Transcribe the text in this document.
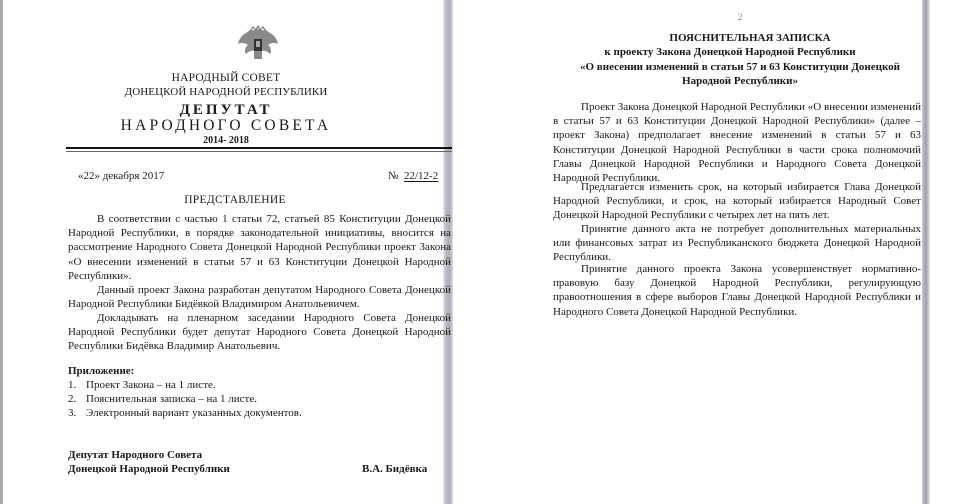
НАРОДНЫЙ СОВЕТ
ДОНЕЦКОЙ НАРОДНОЙ РЕСПУБЛИКИ
ДЕПУТАТ
НАРОДНОГО СОВЕТА
2014- 2018
«22» декабря 2017	№ 22/12-2
ПРЕДСТАВЛЕНИЕ
В соответствии с частью 1 статьи 72, статьей 85 Конституции Донецкой Народной Республики, в порядке законодательной инициативы, вносится на рассмотрение Народного Совета Донецкой Народной Республики проект Закона «О внесении изменений в статьи 57 и 63 Конституции Донецкой Народной Республики».
Данный проект Закона разработан депутатом Народного Совета Донецкой Народной Республики Бидёвкой Владимиром Анатольевичем.
Докладывать на пленарном заседании Народного Совета Донецкой Народной Республики будет депутат Народного Совета Донецкой Народной Республики Бидёвка Владимир Анатольевич.
Приложение:
1. Проект Закона – на 1 листе.
2. Пояснительная записка – на 1 листе.
3. Электронный вариант указанных документов.
Депутат Народного Совета
Донецкой Народной Республики	В.А. Бидёвка
2
ПОЯСНИТЕЛЬНАЯ ЗАПИСКА
к проекту Закона Донецкой Народной Республики
«О внесении изменений в статьи 57 и 63 Конституции Донецкой
Народной Республики»
Проект Закона Донецкой Народной Республики «О внесении изменений в статьи 57 и 63 Конституции Донецкой Народной Республики» (далее – проект Закона) предполагает внесение изменений в статьи 57 и 63 Конституции Донецкой Народной Республики в части срока полномочий Главы Донецкой Народной Республики и Народного Совета Донецкой Народной Республики.
Предлагается изменить срок, на который избирается Глава Донецкой Народной Республики, и срок, на который избирается Народный Совет Донецкой Народной Республики с четырех лет на пять лет.
Принятие данного акта не потребует дополнительных материальных или финансовых затрат из Республиканского бюджета Донецкой Народной Республики.
Принятие данного проекта Закона усовершенствует нормативно-правовую базу Донецкой Народной Республики, регулирующую правоотношения в сфере выборов Главы Донецкой Народной Республики и Народного Совета Донецкой Народной Республики.
